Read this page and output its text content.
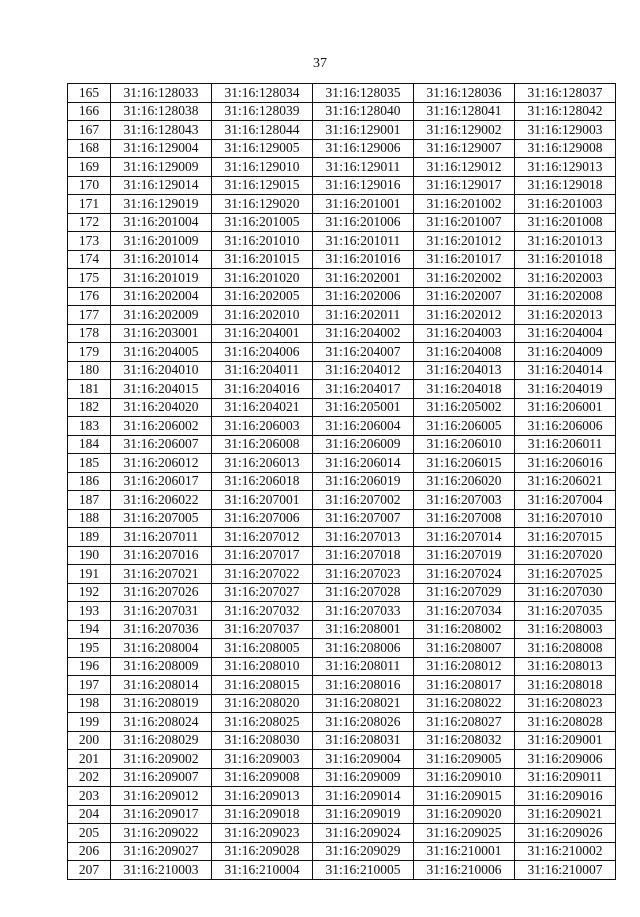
37
165	31:16:128033	31:16:128034	31:16:128035	31:16:128036	31:16:128037
166	31:16:128038	31:16:128039	31:16:128040	31:16:128041	31:16:128042
167	31:16:128043	31:16:128044	31:16:129001	31:16:129002	31:16:129003
168	31:16:129004	31:16:129005	31:16:129006	31:16:129007	31:16:129008
169	31:16:129009	31:16:129010	31:16:129011	31:16:129012	31:16:129013
170	31:16:129014	31:16:129015	31:16:129016	31:16:129017	31:16:129018
171	31:16:129019	31:16:129020	31:16:201001	31:16:201002	31:16:201003
172	31:16:201004	31:16:201005	31:16:201006	31:16:201007	31:16:201008
173	31:16:201009	31:16:201010	31:16:201011	31:16:201012	31:16:201013
174	31:16:201014	31:16:201015	31:16:201016	31:16:201017	31:16:201018
175	31:16:201019	31:16:201020	31:16:202001	31:16:202002	31:16:202003
176	31:16:202004	31:16:202005	31:16:202006	31:16:202007	31:16:202008
177	31:16:202009	31:16:202010	31:16:202011	31:16:202012	31:16:202013
178	31:16:203001	31:16:204001	31:16:204002	31:16:204003	31:16:204004
179	31:16:204005	31:16:204006	31:16:204007	31:16:204008	31:16:204009
180	31:16:204010	31:16:204011	31:16:204012	31:16:204013	31:16:204014
181	31:16:204015	31:16:204016	31:16:204017	31:16:204018	31:16:204019
182	31:16:204020	31:16:204021	31:16:205001	31:16:205002	31:16:206001
183	31:16:206002	31:16:206003	31:16:206004	31:16:206005	31:16:206006
184	31:16:206007	31:16:206008	31:16:206009	31:16:206010	31:16:206011
185	31:16:206012	31:16:206013	31:16:206014	31:16:206015	31:16:206016
186	31:16:206017	31:16:206018	31:16:206019	31:16:206020	31:16:206021
187	31:16:206022	31:16:207001	31:16:207002	31:16:207003	31:16:207004
188	31:16:207005	31:16:207006	31:16:207007	31:16:207008	31:16:207010
189	31:16:207011	31:16:207012	31:16:207013	31:16:207014	31:16:207015
190	31:16:207016	31:16:207017	31:16:207018	31:16:207019	31:16:207020
191	31:16:207021	31:16:207022	31:16:207023	31:16:207024	31:16:207025
192	31:16:207026	31:16:207027	31:16:207028	31:16:207029	31:16:207030
193	31:16:207031	31:16:207032	31:16:207033	31:16:207034	31:16:207035
194	31:16:207036	31:16:207037	31:16:208001	31:16:208002	31:16:208003
195	31:16:208004	31:16:208005	31:16:208006	31:16:208007	31:16:208008
196	31:16:208009	31:16:208010	31:16:208011	31:16:208012	31:16:208013
197	31:16:208014	31:16:208015	31:16:208016	31:16:208017	31:16:208018
198	31:16:208019	31:16:208020	31:16:208021	31:16:208022	31:16:208023
199	31:16:208024	31:16:208025	31:16:208026	31:16:208027	31:16:208028
200	31:16:208029	31:16:208030	31:16:208031	31:16:208032	31:16:209001
201	31:16:209002	31:16:209003	31:16:209004	31:16:209005	31:16:209006
202	31:16:209007	31:16:209008	31:16:209009	31:16:209010	31:16:209011
203	31:16:209012	31:16:209013	31:16:209014	31:16:209015	31:16:209016
204	31:16:209017	31:16:209018	31:16:209019	31:16:209020	31:16:209021
205	31:16:209022	31:16:209023	31:16:209024	31:16:209025	31:16:209026
206	31:16:209027	31:16:209028	31:16:209029	31:16:210001	31:16:210002
207	31:16:210003	31:16:210004	31:16:210005	31:16:210006	31:16:210007
